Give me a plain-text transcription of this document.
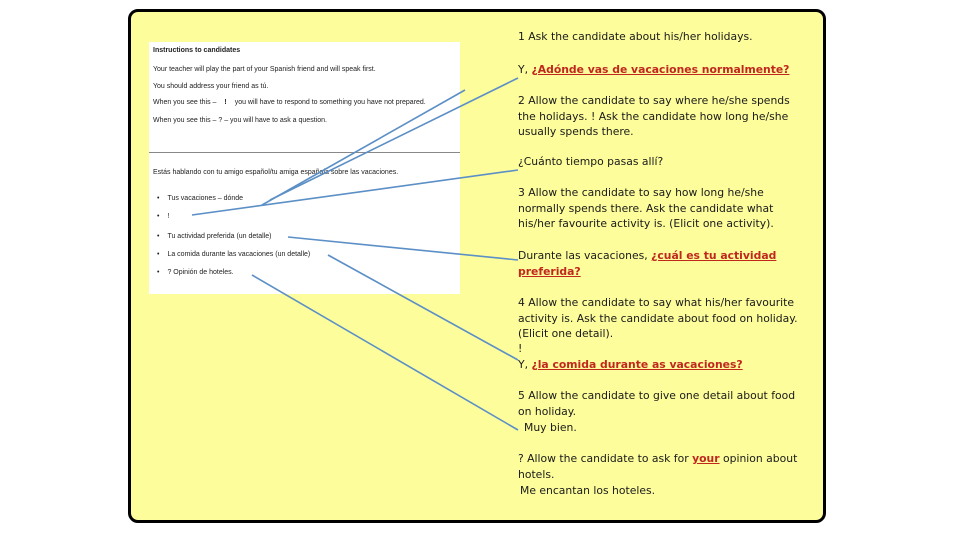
Instructions to candidates
Your teacher will play the part of your Spanish friend and will speak first.
You should address your friend as tú.
When you see this – ! you will have to respond to something you have not prepared.
When you see this – ? – you will have to ask a question.
Estás hablando con tu amigo español/tu amiga española sobre las vacaciones.
• Tus vacaciones – dónde
• !
• Tu actividad preferida (un detalle)
• La comida durante las vacaciones (un detalle)
• ? Opinión de hoteles.
1 Ask the candidate about his/her holidays.
Y, ¿Adónde vas de vacaciones normalmente?
2 Allow the candidate to say where he/she spends the holidays. ! Ask the candidate how long he/she usually spends there.
¿Cuánto tiempo pasas allí?
3 Allow the candidate to say how long he/she normally spends there. Ask the candidate what his/her favourite activity is. (Elicit one activity).
Durante las vacaciones, ¿cuál es tu actividad preferida?
4 Allow the candidate to say what his/her favourite activity is. Ask the candidate about food on holiday. (Elicit one detail).
!
Y, ¿la comida durante as vacaciones?
5 Allow the candidate to give one detail about food on holiday.
Muy bien.
? Allow the candidate to ask for your opinion about hotels.
Me encantan los hoteles.
